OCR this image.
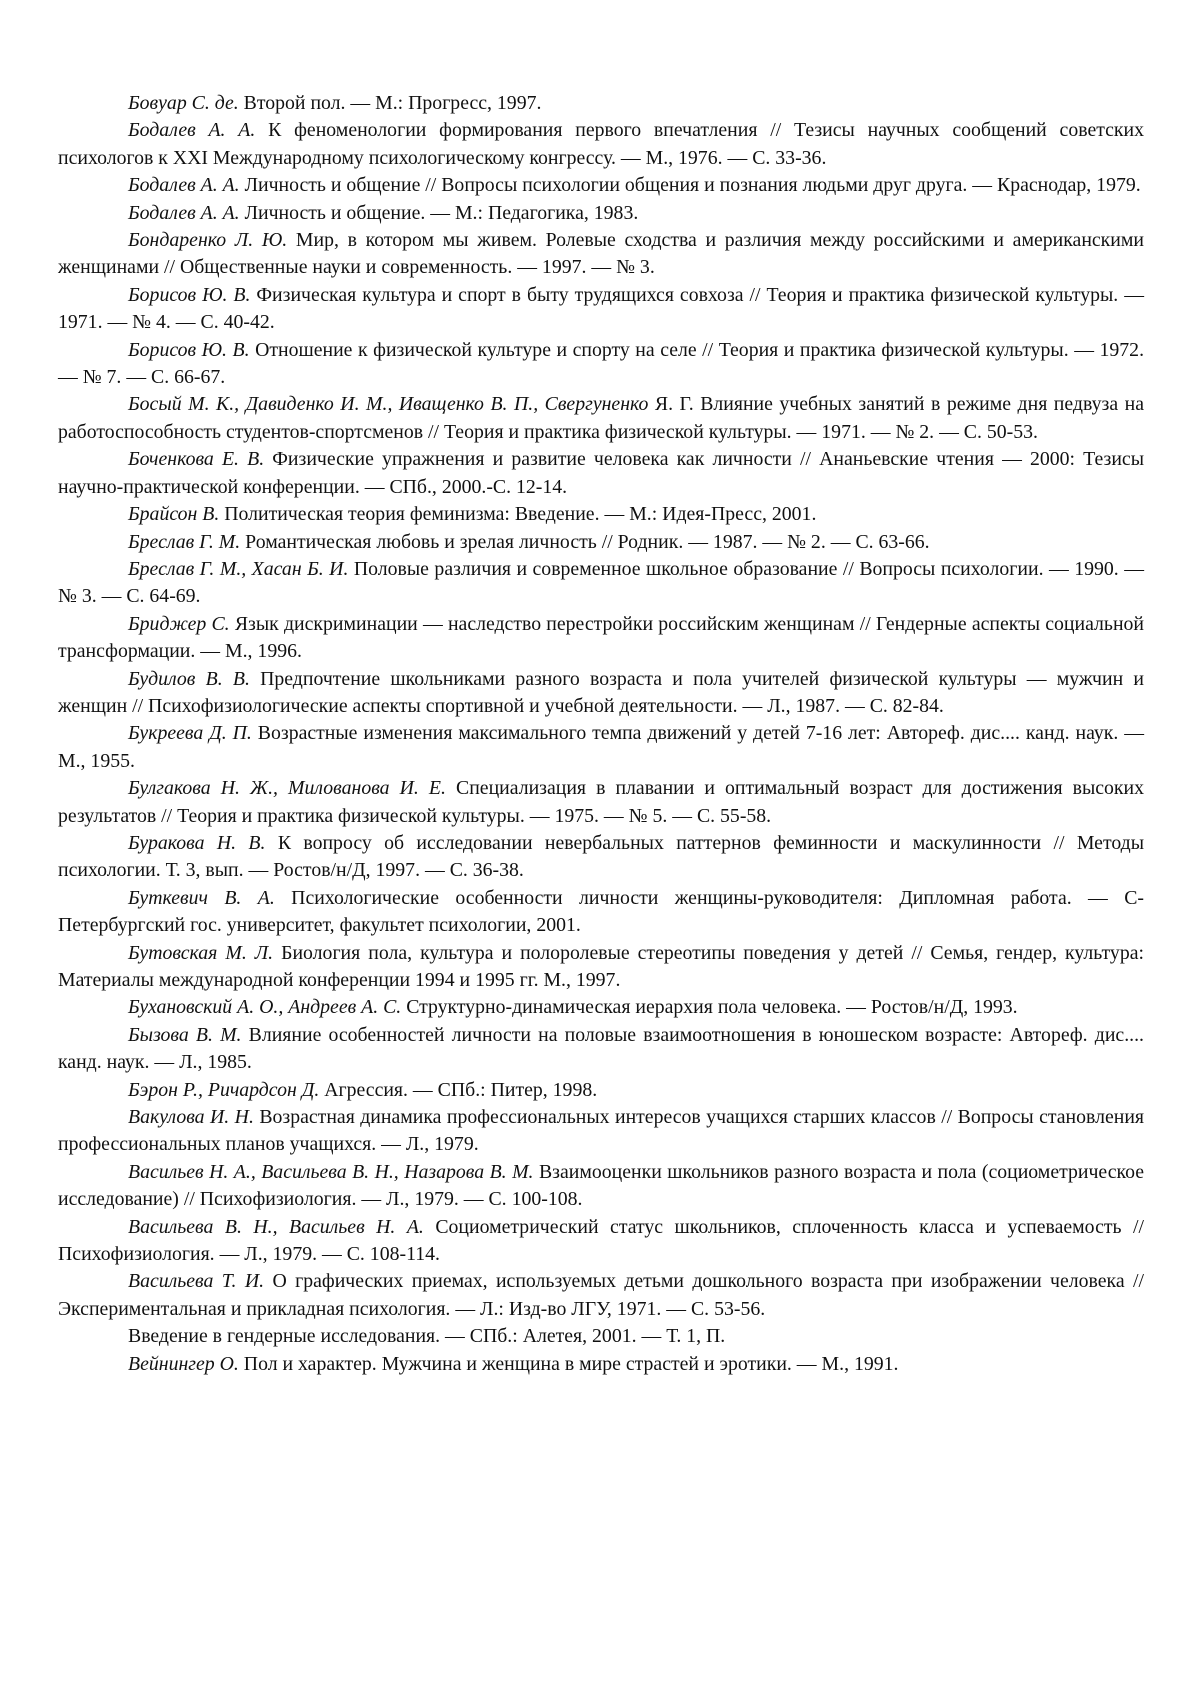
Бовуар С. де. Второй пол. — М.: Прогресс, 1997.

Бодалев А. А. К феноменологии формирования первого впечатления // Тезисы научных сообщений советских психологов к XXI Международному психологическому конгрессу. — М., 1976. — С. 33-36.

Бодалев А. А. Личность и общение // Вопросы психологии общения и познания людьми друг друга. — Краснодар, 1979.

Бодалев А. А. Личность и общение. — М.: Педагогика, 1983.

Бондаренко Л. Ю. Мир, в котором мы живем. Ролевые сходства и различия между российскими и американскими женщинами // Общественные науки и современность. — 1997. — № 3.

Борисов Ю. В. Физическая культура и спорт в быту трудящихся совхоза // Теория и практика физической культуры. — 1971. — № 4. — С. 40-42.

Борисов Ю. В. Отношение к физической культуре и спорту на селе // Теория и практика физической культуры. — 1972. — № 7. — С. 66-67.

Босый М. К., Давиденко И. М., Иващенко В. П., Свергуненко Я. Г. Влияние учебных занятий в режиме дня педвуза на работоспособность студентов-спортсменов // Теория и практика физической культуры. — 1971. — № 2. — С. 50-53.

Боченкова Е. В. Физические упражнения и развитие человека как личности // Ананьевские чтения — 2000: Тезисы научно-практической конференции. — СПб., 2000.-С. 12-14.

Брайсон В. Политическая теория феминизма: Введение. — М.: Идея-Пресс, 2001.

Бреслав Г. М. Романтическая любовь и зрелая личность // Родник. — 1987. — № 2. — С. 63-66.

Бреслав Г. М., Хасан Б. И. Половые различия и современное школьное образование // Вопросы психологии. — 1990. — № 3. — С. 64-69.

Бриджер С. Язык дискриминации — наследство перестройки российским женщинам // Гендерные аспекты социальной трансформации. — М., 1996.

Будилов В. В. Предпочтение школьниками разного возраста и пола учителей физической культуры — мужчин и женщин // Психофизиологические аспекты спортивной и учебной деятельности. — Л., 1987. — С. 82-84.

Букреева Д. П. Возрастные изменения максимального темпа движений у детей 7-16 лет: Автореф. дис.... канд. наук. — М., 1955.

Булгакова Н. Ж., Милованова И. Е. Специализация в плавании и оптимальный возраст для достижения высоких результатов // Теория и практика физической культуры. — 1975. — № 5. — С. 55-58.

Буракова Н. В. К вопросу об исследовании невербальных паттернов феминности и маскулинности // Методы психологии. Т. 3, вып. — Ростов/н/Д, 1997. — С. 36-38.

Буткевич В. А. Психологические особенности личности женщины-руководителя: Дипломная работа. — С-Петербургский гос. университет, факультет психологии, 2001.

Бутовская М. Л. Биология пола, культура и полоролевые стереотипы поведения у детей // Семья, гендер, культура: Материалы международной конференции 1994 и 1995 гг. М., 1997.

Бухановский А. О., Андреев А. С. Структурно-динамическая иерархия пола человека. — Ростов/н/Д, 1993.

Бызова В. М. Влияние особенностей личности на половые взаимоотношения в юношеском возрасте: Автореф. дис.... канд. наук. — Л., 1985.

Бэрон Р., Ричардсон Д. Агрессия. — СПб.: Питер, 1998.

Вакулова И. Н. Возрастная динамика профессиональных интересов учащихся старших классов // Вопросы становления профессиональных планов учащихся. — Л., 1979.

Васильев Н. А., Васильева В. Н., Назарова В. М. Взаимооценки школьников разного возраста и пола (социометрическое исследование) // Психофизиология. — Л., 1979. — С. 100-108.

Васильева В. Н., Васильев Н. А. Социометрический статус школьников, сплоченность класса и успеваемость // Психофизиология. — Л., 1979. — С. 108-114.

Васильева Т. И. О графических приемах, используемых детьми дошкольного возраста при изображении человека // Экспериментальная и прикладная психология. — Л.: Изд-во ЛГУ, 1971. — С. 53-56.

Введение в гендерные исследования. — СПб.: Алетея, 2001. — Т. 1, П.

Вейнингер О. Пол и характер. Мужчина и женщина в мире страстей и эротики. — М., 1991.
